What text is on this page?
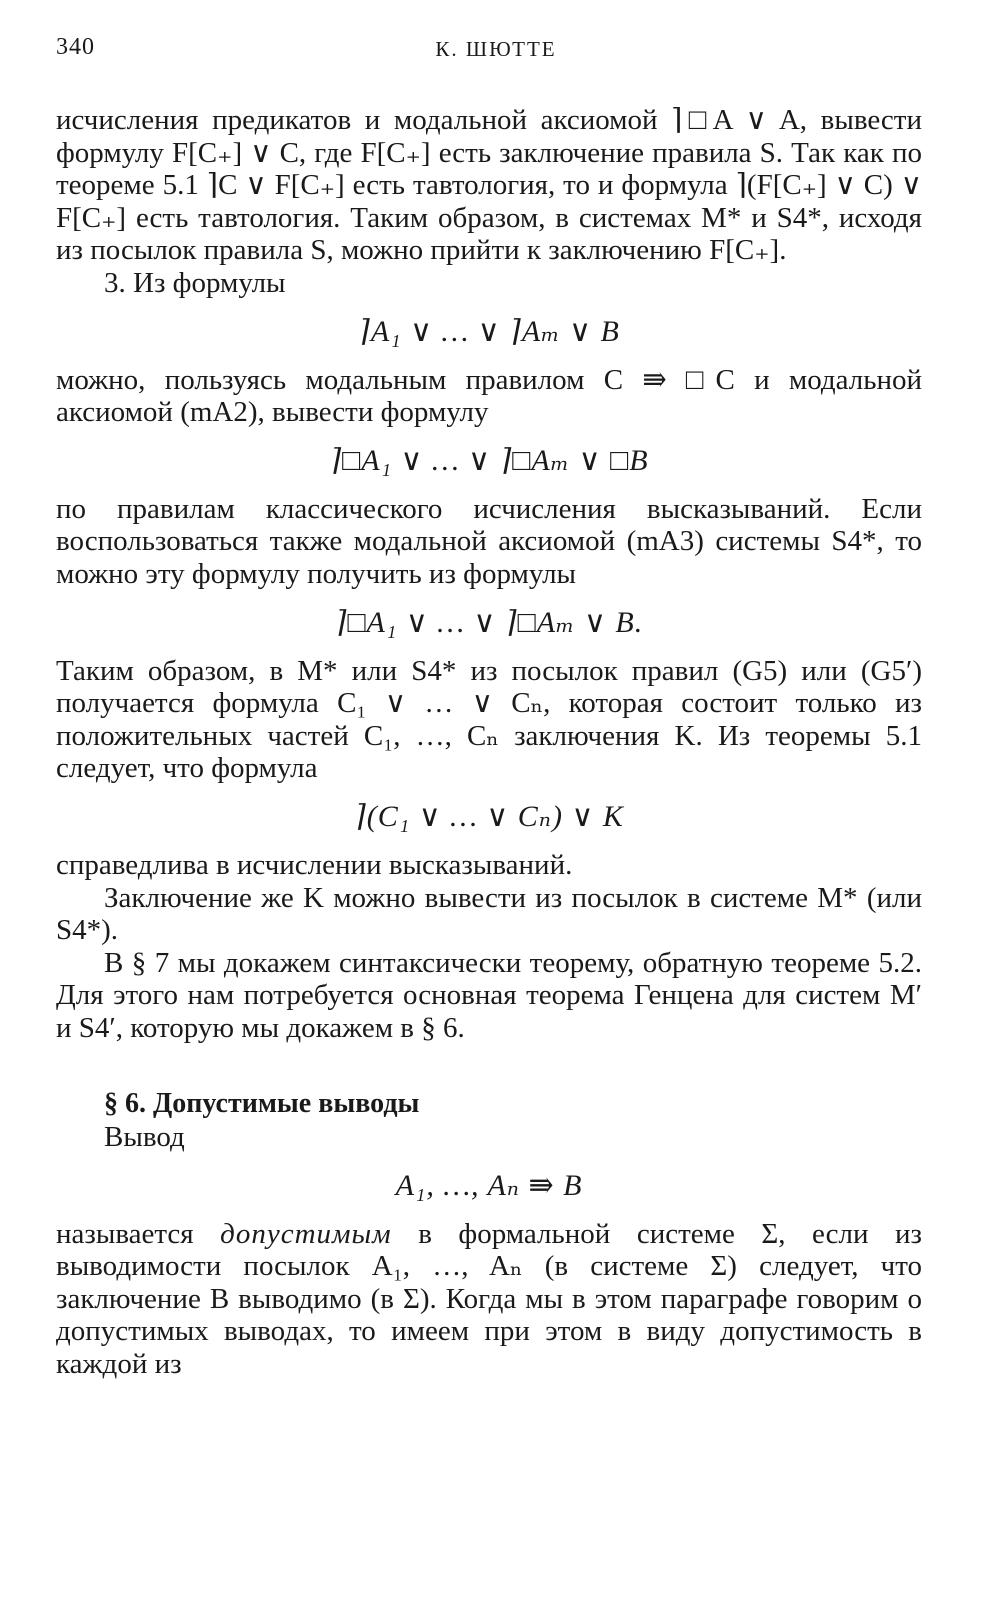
340	К. ШЮТТЕ

исчисления предикатов и модальной аксиомой ⌉□A ∨ A, вывести формулу F[C₊] ∨ C, где F[C₊] есть заключение правила S. Так как по теореме 5.1 ⌉C ∨ F[C₊] есть тавтология, то и формула ⌉(F[C₊] ∨ C) ∨ F[C₊] есть тавтология. Таким образом, в системах M* и S4*, исходя из посылок правила S, можно прийти к заключению F[C₊].

3. Из формулы

⌉A₁ ∨ … ∨ ⌉Aₘ ∨ B

можно, пользуясь модальным правилом C ⇛ □C и модальной аксиомой (mA2), вывести формулу

⌉□A₁ ∨ … ∨ ⌉□Aₘ ∨ □B

по правилам классического исчисления высказываний. Если воспользоваться также модальной аксиомой (mA3) системы S4*, то можно эту формулу получить из формулы

⌉□A₁ ∨ … ∨ ⌉□Aₘ ∨ B.

Таким образом, в M* или S4* из посылок правил (G5) или (G5′) получается формула C₁ ∨ … ∨ Cₙ, которая состоит только из положительных частей C₁, …, Cₙ заключения K. Из теоремы 5.1 следует, что формула

⌉(C₁ ∨ … ∨ Cₙ) ∨ K

справедлива в исчислении высказываний.

Заключение же K можно вывести из посылок в системе M* (или S4*).

В § 7 мы докажем синтаксически теорему, обратную теореме 5.2. Для этого нам потребуется основная теорема Генцена для систем M′ и S4′, которую мы докажем в § 6.

§ 6. Допустимые выводы

Вывод

A₁, …, Aₙ ⇛ B

называется допустимым в формальной системе Σ, если из выводимости посылок A₁, …, Aₙ (в системе Σ) следует, что заключение B выводимо (в Σ). Когда мы в этом параграфе говорим о допустимых выводах, то имеем при этом в виду допустимость в каждой из
